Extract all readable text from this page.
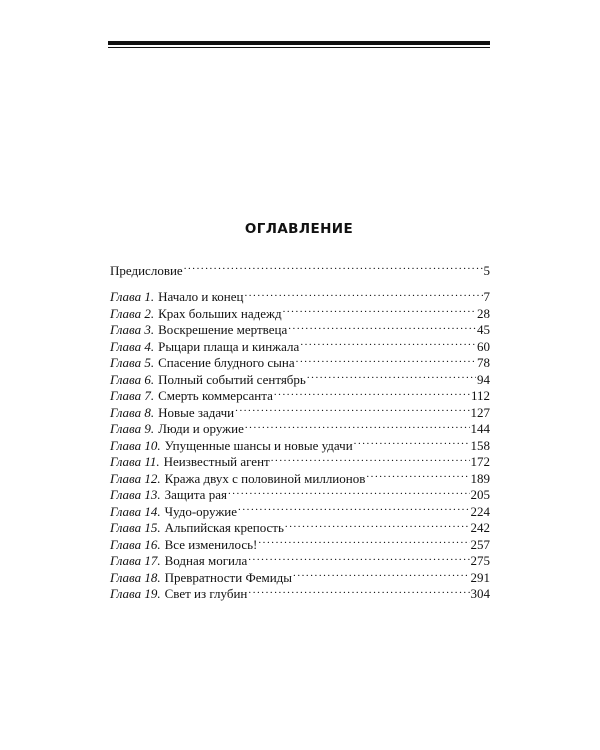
ОГЛАВЛЕНИЕ
Предисловие . . .	5
Глава 1. Начало и конец . . .	7
Глава 2. Крах больших надежд . . .	28
Глава 3. Воскрешение мертвеца . . .	45
Глава 4. Рыцари плаща и кинжала . . .	60
Глава 5. Спасение блудного сына . . .	78
Глава 6. Полный событий сентябрь . . .	94
Глава 7. Смерть коммерсанта . . .	112
Глава 8. Новые задачи . . .	127
Глава 9. Люди и оружие . . .	144
Глава 10. Упущенные шансы и новые удачи . . .	158
Глава 11. Неизвестный агент . . .	172
Глава 12. Кража двух с половиной миллионов . . .	189
Глава 13. Защита рая . . .	205
Глава 14. Чудо-оружие . . .	224
Глава 15. Альпийская крепость . . .	242
Глава 16. Все изменилось! . . .	257
Глава 17. Водная могила . . .	275
Глава 18. Превратности Фемиды . . .	291
Глава 19. Свет из глубин . . .	304
